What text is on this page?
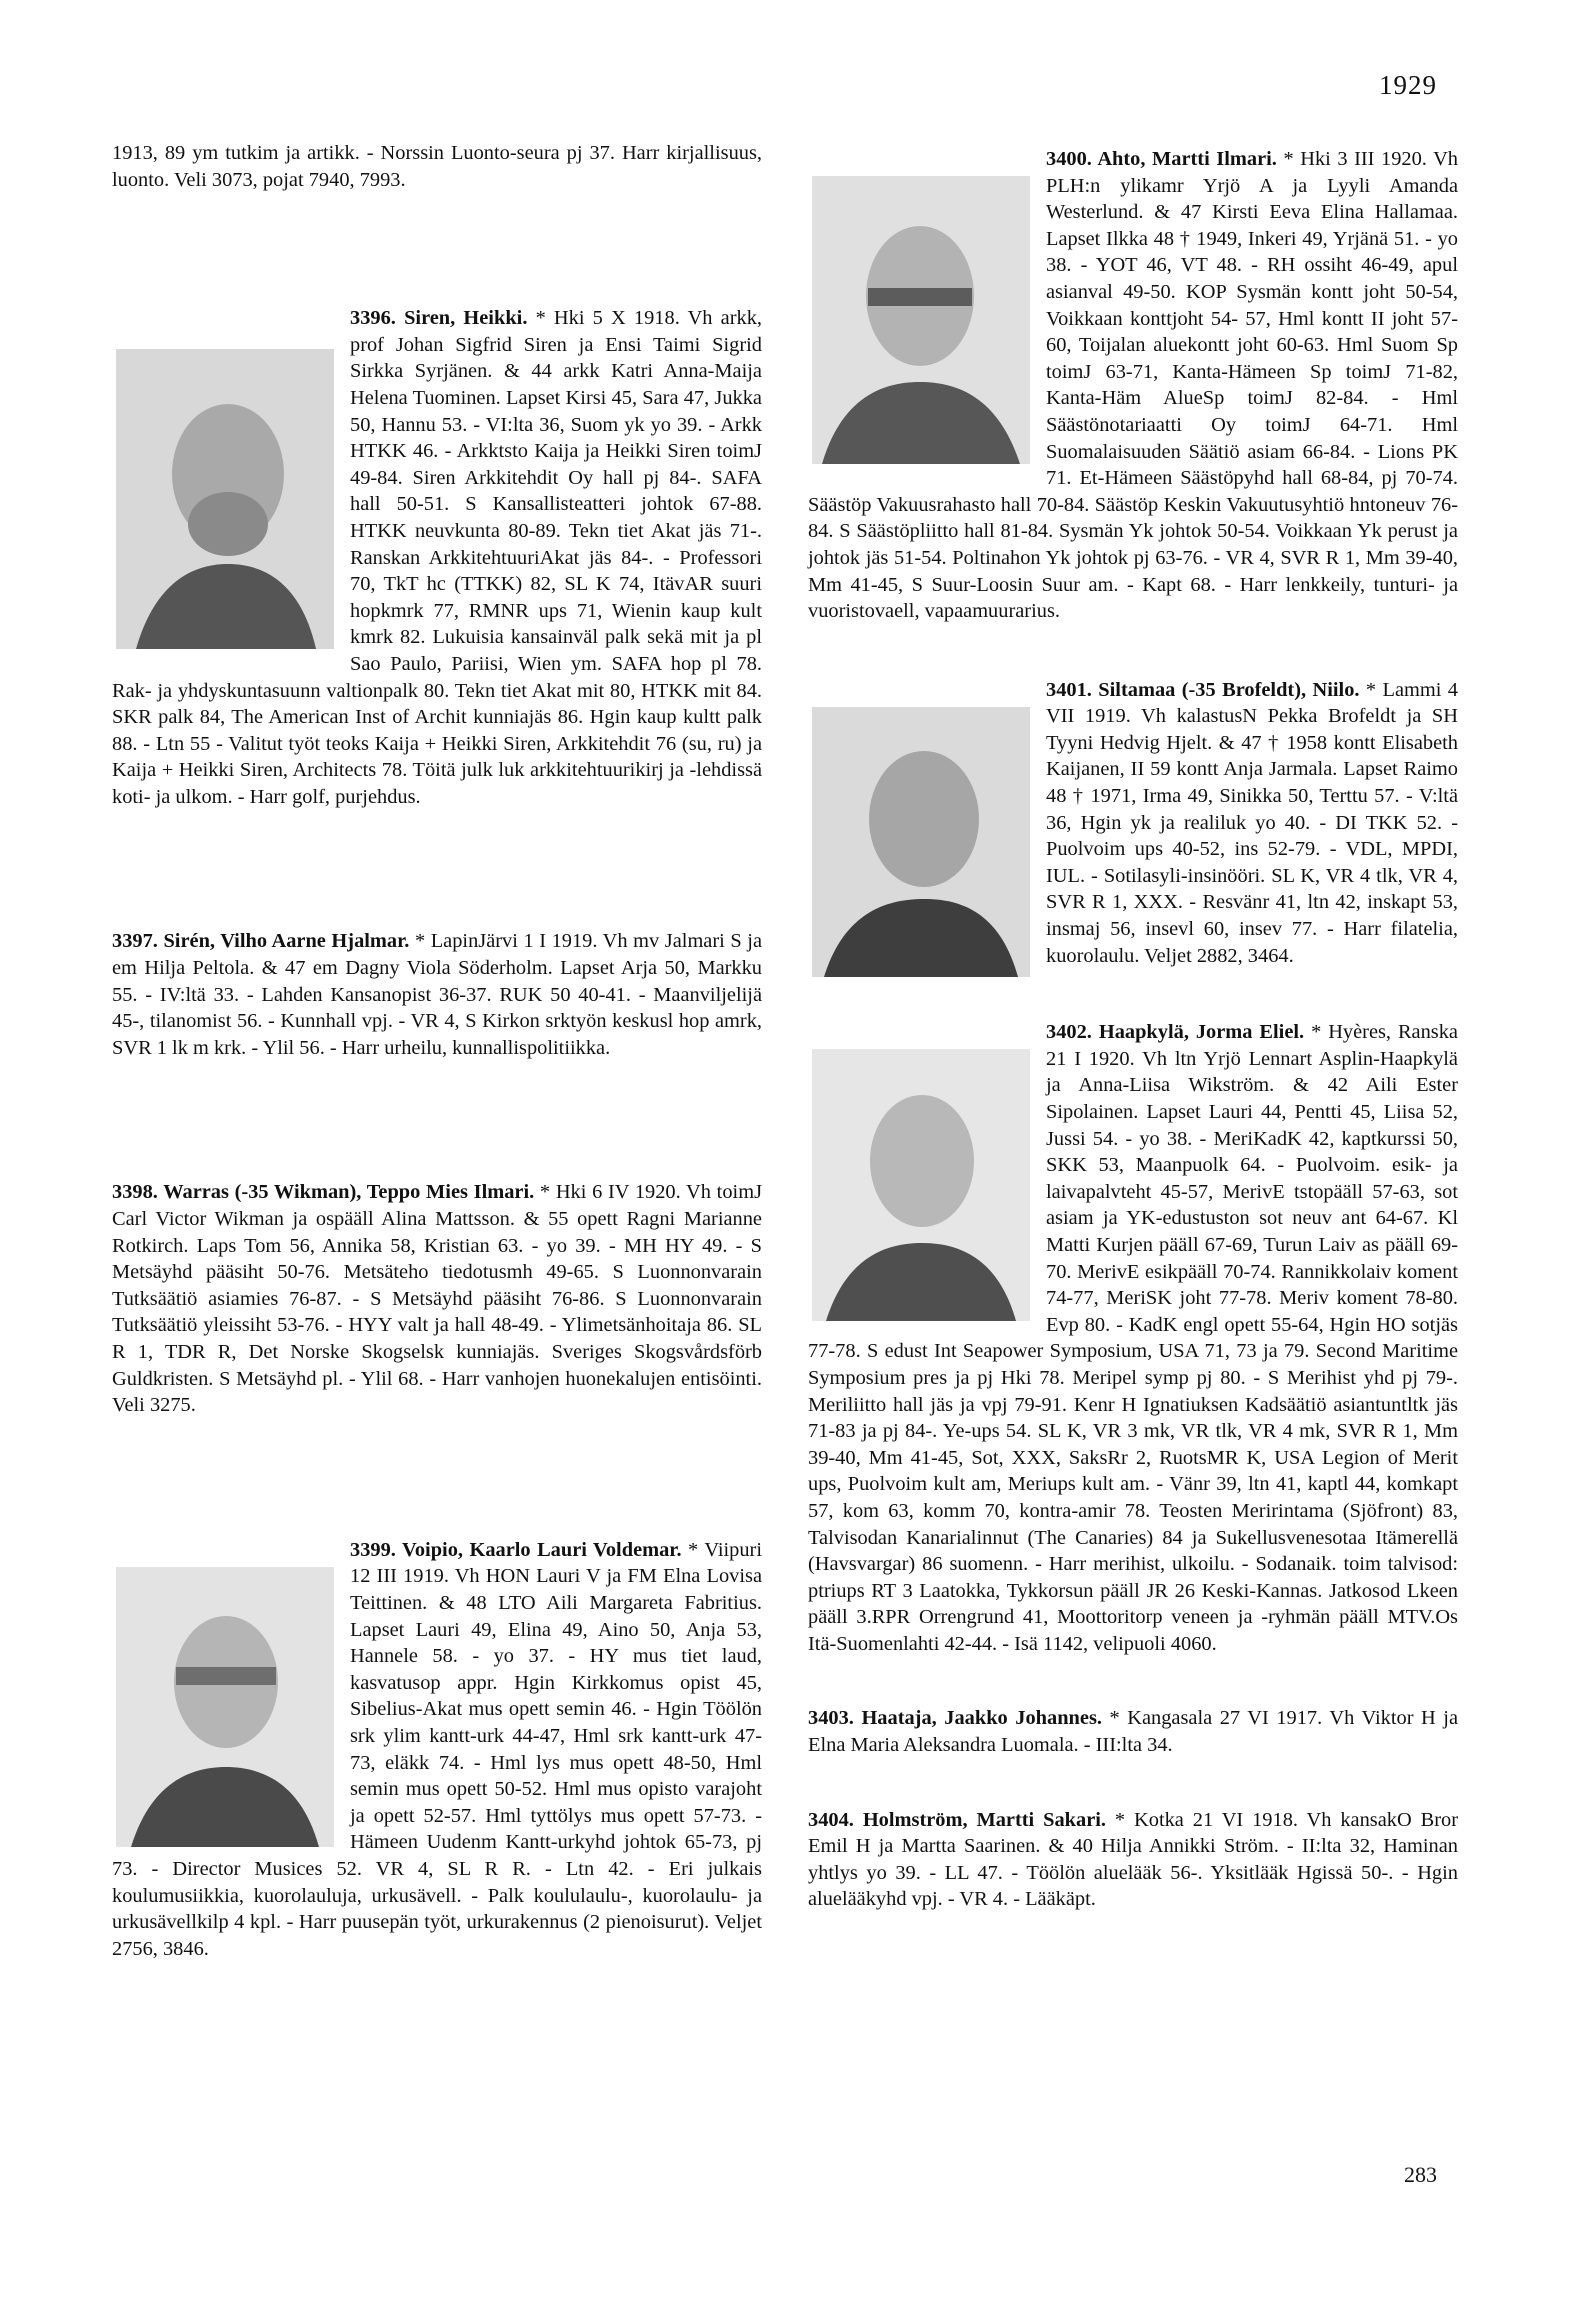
1929

1913, 89 ym tutkim ja artikk. - Norssin Luonto-seura pj 37. Harr kirjallisuus, luonto. Veli 3073, pojat 7940, 7993.

3396. Siren, Heikki. * Hki 5 X 1918. Vh arkk, prof Johan Sigfrid Siren ja Ensi Taimi Sigrid Sirkka Syrjänen. & 44 arkk Katri Anna-Maija Helena Tuominen. Lapset Kirsi 45, Sara 47, Jukka 50, Hannu 53. - VI:lta 36, Suom yk yo 39. - Arkk HTKK 46. - Arkktsto Kaija ja Heikki Siren toimJ 49-84. Siren Arkkitehdit Oy hall pj 84-. SAFA hall 50-51. S Kansallisteatteri johtok 67-88. HTKK neuvkunta 80-89. Tekn tiet Akat jäs 71-. Ranskan ArkkitehtuuriAkat jäs 84-. - Professori 70, TkT hc (TTKK) 82, SL K 74, ItävAR suuri hopkmrk 77, RMNR ups 71, Wienin kaup kult kmrk 82. Lukuisia kansainväl palk sekä mit ja pl Sao Paulo, Pariisi, Wien ym. SAFA hop pl 78. Rak- ja yhdyskuntasuunn valtionpalk 80. Tekn tiet Akat mit 80, HTKK mit 84. SKR palk 84, The American Inst of Archit kunniajäs 86. Hgin kaup kultt palk 88. - Ltn 55 - Valitut työt teoks Kaija + Heikki Siren, Arkkitehdit 76 (su, ru) ja Kaija + Heikki Siren, Architects 78. Töitä julk luk arkkitehtuurikirj ja -lehdissä koti- ja ulkom. - Harr golf, purjehdus.

3397. Sirén, Vilho Aarne Hjalmar. * LapinJärvi 1 I 1919. Vh mv Jalmari S ja em Hilja Peltola. & 47 em Dagny Viola Söderholm. Lapset Arja 50, Markku 55. - IV:ltä 33. - Lahden Kansanopist 36-37. RUK 50 40-41. - Maanviljelijä 45-, tilanomist 56. - Kunnhall vpj. - VR 4, S Kirkon srktyön keskusl hop amrk, SVR 1 lk m krk. - Ylil 56. - Harr urheilu, kunnallispolitiikka.

3398. Warras (-35 Wikman), Teppo Mies Ilmari. * Hki 6 IV 1920. Vh toimJ Carl Victor Wikman ja ospääll Alina Mattsson. & 55 opett Ragni Marianne Rotkirch. Laps Tom 56, Annika 58, Kristian 63. - yo 39. - MH HY 49. - S Metsäyhd pääsiht 50-76. Metsäteho tiedotusmh 49-65. S Luonnonvarain Tutksäätiö asiamies 76-87. - S Metsäyhd pääsiht 76-86. S Luonnonvarain Tutksäätiö yleissiht 53-76. - HYY valt ja hall 48-49. - Ylimetsänhoitaja 86. SL R 1, TDR R, Det Norske Skogselsk kunniajäs. Sveriges Skogsvårdsförb Guldkristen. S Metsäyhd pl. - Ylil 68. - Harr vanhojen huonekalujen entisöinti. Veli 3275.

3399. Voipio, Kaarlo Lauri Voldemar. * Viipuri 12 III 1919. Vh HON Lauri V ja FM Elna Lovisa Teittinen. & 48 LTO Aili Margareta Fabritius. Lapset Lauri 49, Elina 49, Aino 50, Anja 53, Hannele 58. - yo 37. - HY mus tiet laud, kasvatusop appr. Hgin Kirkkomus opist 45, Sibelius-Akat mus opett semin 46. - Hgin Töölön srk ylim kantt-urk 44-47, Hml srk kantt-urk 47-73, eläkk 74. - Hml lys mus opett 48-50, Hml semin mus opett 50-52. Hml mus opisto varajoht ja opett 52-57. Hml tyttölys mus opett 57-73. - Hämeen Uudenm Kantt-urkyhd johtok 65-73, pj 73. - Director Musices 52. VR 4, SL R R. - Ltn 42. - Eri julkais koulumusiikkia, kuorolauluja, urkusävell. - Palk koululaulu-, kuorolaulu- ja urkusävellkilp 4 kpl. - Harr puusepän työt, urkurakennus (2 pienoisurut). Veljet 2756, 3846.

3400. Ahto, Martti Ilmari. * Hki 3 III 1920. Vh PLH:n ylikamr Yrjö A ja Lyyli Amanda Westerlund. & 47 Kirsti Eeva Elina Hallamaa. Lapset Ilkka 48 † 1949, Inkeri 49, Yrjänä 51. - yo 38. - YOT 46, VT 48. - RH ossiht 46-49, apul asianval 49-50. KOP Sysmän kontt joht 50-54, Voikkaan konttjoht 54- 57, Hml kontt II joht 57-60, Toijalan aluekontt joht 60-63. Hml Suom Sp toimJ 63-71, Kanta-Hämeen Sp toimJ 71-82, Kanta-Häm AlueSp toimJ 82-84. - Hml Säästönotariaatti Oy toimJ 64-71. Hml Suomalaisuuden Säätiö asiam 66-84. - Lions PK 71. Et-Hämeen Säästöpyhd hall 68-84, pj 70-74. Säästöp Vakuusrahasto hall 70-84. Säästöp Keskin Vakuutusyhtiö hntoneuv 76-84. S Säästöpliitto hall 81-84. Sysmän Yk johtok 50-54. Voikkaan Yk perust ja johtok jäs 51-54. Poltinahon Yk johtok pj 63-76. - VR 4, SVR R 1, Mm 39-40, Mm 41-45, S Suur-Loosin Suur am. - Kapt 68. - Harr lenkkeily, tunturi- ja vuoristovaell, vapaamuurarius.

3401. Siltamaa (-35 Brofeldt), Niilo. * Lammi 4 VII 1919. Vh kalastusN Pekka Brofeldt ja SH Tyyni Hedvig Hjelt. & 47 † 1958 kontt Elisabeth Kaijanen, II 59 kontt Anja Jarmala. Lapset Raimo 48 † 1971, Irma 49, Sinikka 50, Terttu 57. - V:ltä 36, Hgin yk ja realiluk yo 40. - DI TKK 52. - Puolvoim ups 40-52, ins 52-79. - VDL, MPDI, IUL. - Sotilasyli-insinööri. SL K, VR 4 tlk, VR 4, SVR R 1, XXX. - Resvänr 41, ltn 42, inskapt 53, insmaj 56, insevl 60, insev 77. - Harr filatelia, kuorolaulu. Veljet 2882, 3464.

3402. Haapkylä, Jorma Eliel. * Hyères, Ranska 21 I 1920. Vh ltn Yrjö Lennart Asplin-Haapkylä ja Anna-Liisa Wikström. & 42 Aili Ester Sipolainen. Lapset Lauri 44, Pentti 45, Liisa 52, Jussi 54. - yo 38. - MeriKadK 42, kaptkurssi 50, SKK 53, Maanpuolk 64. - Puolvoim. esik- ja laivapalvteht 45-57, MerivE tstopääll 57-63, sot asiam ja YK-edustuston sot neuv ant 64-67. Kl Matti Kurjen pääll 67-69, Turun Laiv as pääll 69-70. MerivE esikpääll 70-74. Rannikkolaiv koment 74-77, MeriSK joht 77-78. Meriv koment 78-80. Evp 80. - KadK engl opett 55-64, Hgin HO sotjäs 77-78. S edust Int Seapower Symposium, USA 71, 73 ja 79. Second Maritime Symposium pres ja pj Hki 78. Meripel symp pj 80. - S Merihist yhd pj 79-. Meriliitto hall jäs ja vpj 79-91. Kenr H Ignatiuksen Kadsäätiö asiantuntltk jäs 71-83 ja pj 84-. Ye-ups 54. SL K, VR 3 mk, VR tlk, VR 4 mk, SVR R 1, Mm 39-40, Mm 41-45, Sot, XXX, SaksRr 2, RuotsMR K, USA Legion of Merit ups, Puolvoim kult am, Meriups kult am. - Vänr 39, ltn 41, kaptl 44, komkapt 57, kom 63, komm 70, kontra-amir 78. Teosten Meririntama (Sjöfront) 83, Talvisodan Kanarialinnut (The Canaries) 84 ja Sukellusvenesotaa Itämerellä (Havsvargar) 86 suomenn. - Harr merihist, ulkoilu. - Sodanaik. toim talvisod: ptriups RT 3 Laatokka, Tykkorsun pääll JR 26 Keski-Kannas. Jatkosod Lkeen pääll 3.RPR Orrengrund 41, Moottoritorp veneen ja -ryhmän pääll MTV.Os Itä-Suomenlahti 42-44. - Isä 1142, velipuoli 4060.

3403. Haataja, Jaakko Johannes. * Kangasala 27 VI 1917. Vh Viktor H ja Elna Maria Aleksandra Luomala. - III:lta 34.

3404. Holmström, Martti Sakari. * Kotka 21 VI 1918. Vh kansakO Bror Emil H ja Martta Saarinen. & 40 Hilja Annikki Ström. - II:lta 32, Haminan yhtlys yo 39. - LL 47. - Töölön aluelääk 56-. Yksitlääk Hgissä 50-. - Hgin aluelääkyhd vpj. - VR 4. - Lääkäpt.

283
